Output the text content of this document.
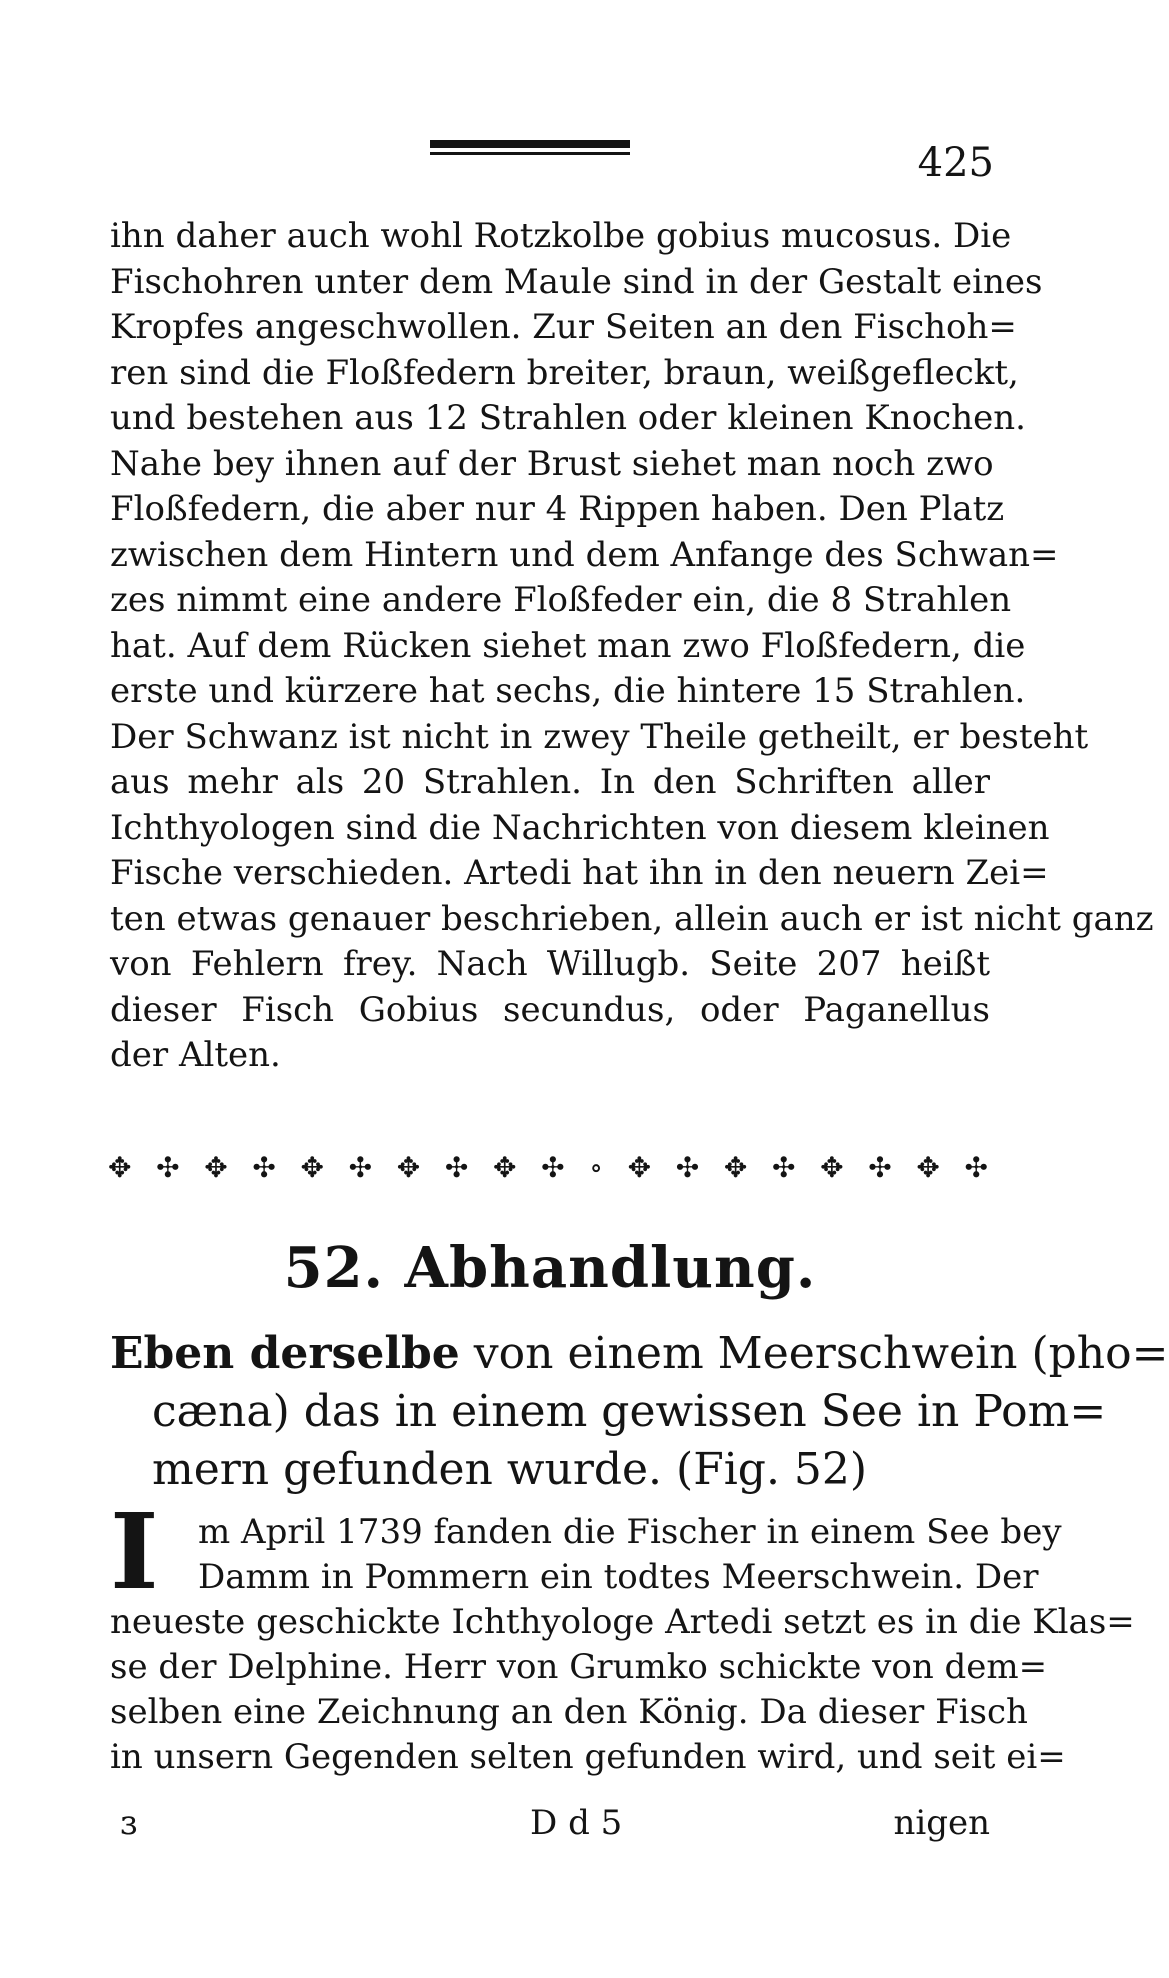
425
ihn daher auch wohl Rotzkolbe gobius mucosus. Die
Fischohren unter dem Maule sind in der Gestalt eines
Kropfes angeschwollen. Zur Seiten an den Fischoh=
ren sind die Floßfedern breiter, braun, weißgefleckt,
und bestehen aus 12 Strahlen oder kleinen Knochen.
Nahe bey ihnen auf der Brust siehet man noch zwo
Floßfedern, die aber nur 4 Rippen haben. Den Platz
zwischen dem Hintern und dem Anfange des Schwan=
zes nimmt eine andere Floßfeder ein, die 8 Strahlen
hat. Auf dem Rücken siehet man zwo Floßfedern, die
erste und kürzere hat sechs, die hintere 15 Strahlen.
Der Schwanz ist nicht in zwey Theile getheilt, er besteht
aus mehr als 20 Strahlen. In den Schriften aller
Ichthyologen sind die Nachrichten von diesem kleinen
Fische verschieden. Artedi hat ihn in den neuern Zei=
ten etwas genauer beschrieben, allein auch er ist nicht ganz
von Fehlern frey. Nach Willugb. Seite 207 heißt
dieser Fisch Gobius secundus, oder Paganellus
der Alten.
✥ ✣ ✥ ✣ ✥ ✣ ✥ ✣ ✥ ✣ ∘ ✥ ✣ ✥ ✣ ✥ ✣ ✥ ✣
52. Abhandlung.
Eben derselbe von einem Meerschwein (pho=
cæna) das in einem gewissen See in Pom=
mern gefunden wurde. (Fig. 52)
I	m April 1739 fanden die Fischer in einem See bey
Damm in Pommern ein todtes Meerschwein. Der
neueste geschickte Ichthyologe Artedi setzt es in die Klas=
se der Delphine. Herr von Grumko schickte von dem=
selben eine Zeichnung an den König. Da dieser Fisch
in unsern Gegenden selten gefunden wird, und seit ei=
ɜ	D d 5	nigen
